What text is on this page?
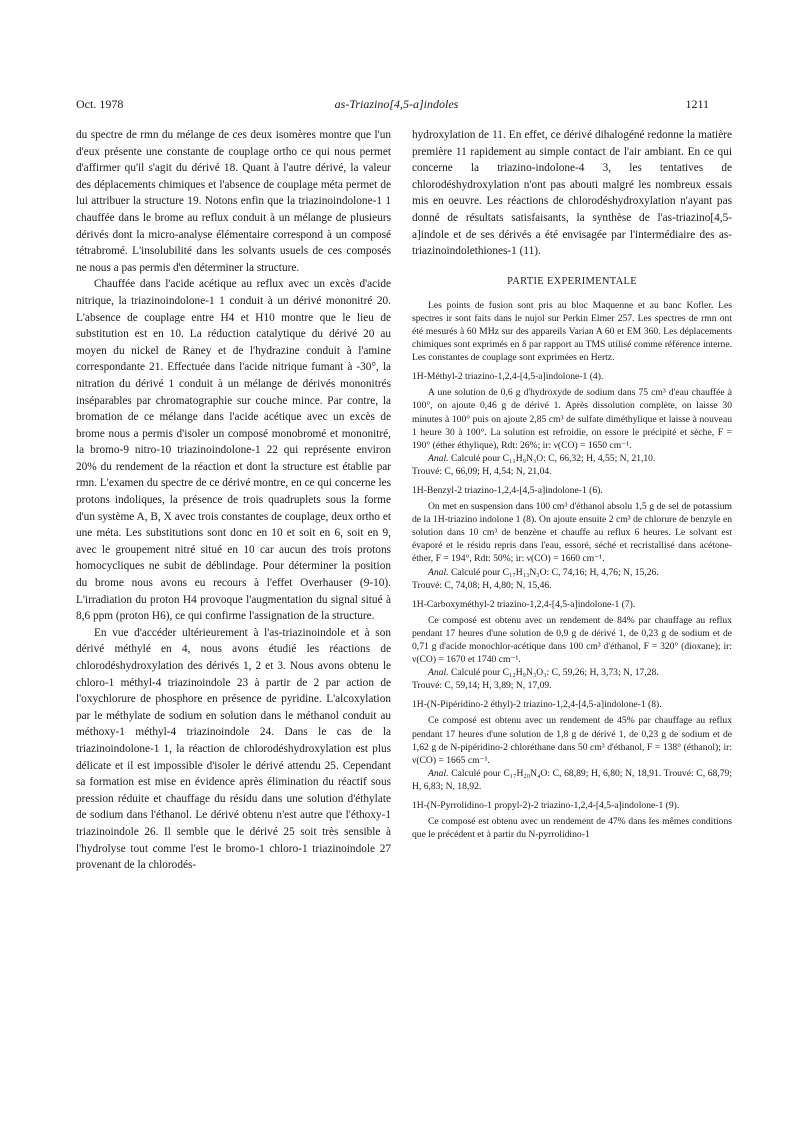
Oct. 1978	as-Triazino[4,5-a]indoles	1211

du spectre de rmn du mélange de ces deux isomères montre que l'un d'eux présente une constante de couplage ortho ce qui nous permet d'affirmer qu'il s'agit du dérivé 18. Quant à l'autre dérivé, la valeur des déplacements chimiques et l'absence de couplage méta permet de lui attribuer la structure 19. Notons enfin que la triazinoindolone-1 1 chauffée dans le brome au reflux conduit à un mélange de plusieurs dérivés dont la micro-analyse élémentaire correspond à un composé tétrabromé. L'insolubilité dans les solvants usuels de ces composés ne nous a pas permis d'en déterminer la structure.

Chauffée dans l'acide acétique au reflux avec un excès d'acide nitrique, la triazinoindolone-1 1 conduit à un dérivé mononitré 20. L'absence de couplage entre H4 et H10 montre que le lieu de substitution est en 10. La réduction catalytique du dérivé 20 au moyen du nickel de Raney et de l'hydrazine conduit à l'amine correspondante 21. Effectuée dans l'acide nitrique fumant à -30°, la nitration du dérivé 1 conduit à un mélange de dérivés mononitrés inséparables par chromatographie sur couche mince. Par contre, la bromation de ce mélange dans l'acide acétique avec un excès de brome nous a permis d'isoler un composé monobromé et mononitré, la bromo-9 nitro-10 triazinoindolone-1 22 qui représente environ 20% du rendement de la réaction et dont la structure est établie par rmn. L'examen du spectre de ce dérivé montre, en ce qui concerne les protons indoliques, la présence de trois quadruplets sous la forme d'un système A, B, X avec trois constantes de couplage, deux ortho et une méta. Les substitutions sont donc en 10 et soit en 6, soit en 9, avec le groupement nitré situé en 10 car aucun des trois protons homocycliques ne subit de déblindage. Pour déterminer la position du brome nous avons eu recours à l'effet Overhauser (9-10). L'irradiation du proton H4 provoque l'augmentation du signal situé à 8,6 ppm (proton H6), ce qui confirme l'assignation de la structure.

En vue d'accéder ultérieurement à l'as-triazinoindole et à son dérivé méthylé en 4, nous avons étudié les réactions de chlorodéshydroxylation des dérivés 1, 2 et 3. Nous avons obtenu le chloro-1 méthyl-4 triazinoindole 23 à partir de 2 par action de l'oxychlorure de phosphore en présence de pyridine. L'alcoxylation par le méthylate de sodium en solution dans le méthanol conduit au méthoxy-1 méthyl-4 triazinoindole 24. Dans le cas de la triazinoindolone-1 1, la réaction de chlorodéshydroxylation est plus délicate et il est impossible d'isoler le dérivé attendu 25. Cependant sa formation est mise en évidence après élimination du réactif sous pression réduite et chauffage du résidu dans une solution d'éthylate de sodium dans l'éthanol. Le dérivé obtenu n'est autre que l'éthoxy-1 triazinoindole 26. Il semble que le dérivé 25 soit très sensible à l'hydrolyse tout comme l'est le bromo-1 chloro-1 triazinoindole 27 provenant de la chlorodés-

hydroxylation de 11. En effet, ce dérivé dihalogéné redonne la matière première 11 rapidement au simple contact de l'air ambiant. En ce qui concerne la triazino-indolone-4 3, les tentatives de chlorodéshydroxylation n'ont pas abouti malgré les nombreux essais mis en oeuvre. Les réactions de chlorodéshydroxylation n'ayant pas donné de résultats satisfaisants, la synthèse de l'as-triazino[4,5-a]indole et de ses dérivés a été envisagée par l'intermédiaire des as-triazinoindolethiones-1 (11).

PARTIE EXPERIMENTALE

Les points de fusion sont pris au bloc Maquenne et au banc Kofler. Les spectres ir sont faits dans le nujol sur Perkin Elmer 257. Les spectres de rmn ont été mesurés à 60 MHz sur des appareils Varian A 60 et EM 360. Les déplacements chimiques sont exprimés en δ par rapport au TMS utilisé comme référence interne. Les constantes de couplage sont exprimées en Hertz.

1H-Méthyl-2 triazino-1,2,4-[4,5-a]indolone-1 (4).

A une solution de 0,6 g d'hydroxyde de sodium dans 75 cm³ d'eau chauffée à 100°, on ajoute 0,46 g de dérivé 1. Après dissolution complète, on laisse 30 minutes à 100° puis on ajoute 2,85 cm³ de sulfate diméthylique et laisse à nouveau 1 heure 30 à 100°. La solution est refroidie, on essore le précipité et sèche, F = 190° (éther éthylique), Rdt: 26%; ir: ν(CO) = 1650 cm⁻¹.

Anal. Calculé pour C₁₁H₉N₃O: C, 66,32; H, 4,55; N, 21,10.

Trouvé: C, 66,09; H, 4,54; N, 21,04.

1H-Benzyl-2 triazino-1,2,4-[4,5-a]indolone-1 (6).

On met en suspension dans 100 cm³ d'éthanol absolu 1,5 g de sel de potassium de la 1H-triazino indolone 1 (8). On ajoute ensuite 2 cm³ de chlorure de benzyle en solution dans 10 cm³ de benzène et chauffe au reflux 6 heures. Le solvant est évaporé et le résidu repris dans l'eau, essoré, séché et recristallisé dans acétone-éther, F = 194°, Rdt: 50%; ir: ν(CO) = 1660 cm⁻¹.

Anal. Calculé pour C₁₇H₁₃N₃O: C, 74,16; H, 4,76; N, 15,26.

Trouvé: C, 74,08; H, 4,80; N, 15,46.

1H-Carboxyméthyl-2 triazino-1,2,4-[4,5-a]indolone-1 (7).

Ce composé est obtenu avec un rendement de 84% par chauffage au reflux pendant 17 heures d'une solution de 0,9 g de dérivé 1, de 0,23 g de sodium et de 0,71 g d'acide monochlor-acétique dans 100 cm³ d'éthanol, F = 320° (dioxane); ir: ν(CO) = 1670 et 1740 cm⁻¹.

Anal. Calculé pour C₁₂H₉N₃O₃: C, 59,26; H, 3,73; N, 17,28.

Trouvé: C, 59,14; H, 3,89; N, 17,09.

1H-(N-Pipéridino-2 éthyl)-2 triazino-1,2,4-[4,5-a]indolone-1 (8).

Ce composé est obtenu avec un rendement de 45% par chauffage au reflux pendant 17 heures d'une solution de 1,8 g de dérivé 1, de 0,23 g de sodium et de 1,62 g de N-pipéridino-2 chloréthane dans 50 cm³ d'éthanol, F = 138° (éthanol); ir: ν(CO) = 1665 cm⁻¹.

Anal. Calculé pour C₁₇H₂₀N₄O: C, 68,89; H, 6,80; N, 18,91. Trouvé: C, 68,79; H, 6,83; N, 18,92.

1H-(N-Pyrrolidino-1 propyl-2)-2 triazino-1,2,4-[4,5-a]indolone-1 (9).

Ce composé est obtenu avec un rendement de 47% dans les mêmes conditions que le précédent et à partir du N-pyrrolidino-1
